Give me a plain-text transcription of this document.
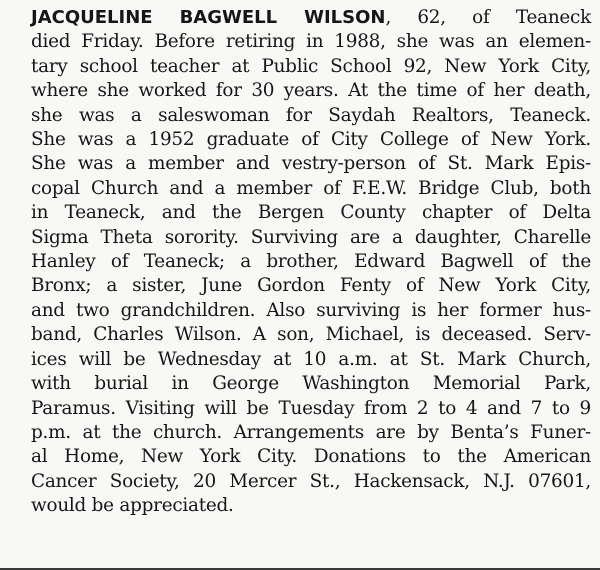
JACQUELINE BAGWELL WILSON, 62, of Teaneck
died Friday. Before retiring in 1988, she was an elemen-
tary school teacher at Public School 92, New York City,
where she worked for 30 years. At the time of her death,
she was a saleswoman for Saydah Realtors, Teaneck.
She was a 1952 graduate of City College of New York.
She was a member and vestry-person of St. Mark Epis-
copal Church and a member of F.E.W. Bridge Club, both
in Teaneck, and the Bergen County chapter of Delta
Sigma Theta sorority. Surviving are a daughter, Charelle
Hanley of Teaneck; a brother, Edward Bagwell of the
Bronx; a sister, June Gordon Fenty of New York City,
and two grandchildren. Also surviving is her former hus-
band, Charles Wilson. A son, Michael, is deceased. Serv-
ices will be Wednesday at 10 a.m. at St. Mark Church,
with burial in George Washington Memorial Park,
Paramus. Visiting will be Tuesday from 2 to 4 and 7 to 9
p.m. at the church. Arrangements are by Benta’s Funer-
al Home, New York City. Donations to the American
Cancer Society, 20 Mercer St., Hackensack, N.J. 07601,
would be appreciated.
